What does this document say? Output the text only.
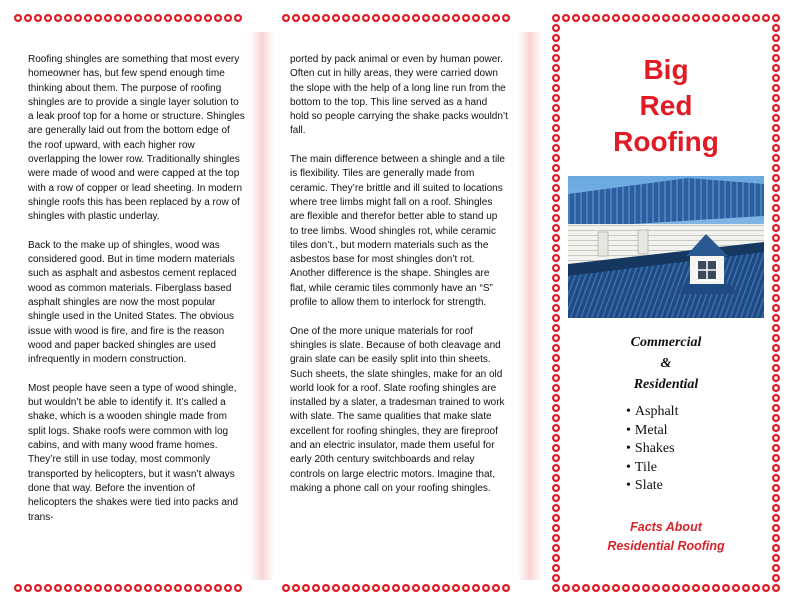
Roofing shingles are something that most every homeowner has, but few spend enough time thinking about them. The purpose of roofing shingles are to provide a single layer solution to a leak proof top for a home or structure. Shingles are generally laid out from the bottom edge of the roof upward, with each higher row overlapping the lower row. Traditionally shingles were made of wood and were capped at the top with a row of copper or lead sheeting. In modern shingle roofs this has been replaced by a row of shingles with plastic underlay.

Back to the make up of shingles, wood was considered good. But in time modern materials such as asphalt and asbestos cement replaced wood as common materials. Fiberglass based asphalt shingles are now the most popular shingle used in the United States. The obvious issue with wood is fire, and fire is the reason wood and paper backed shingles are used infrequently in modern construction.

Most people have seen a type of wood shingle, but wouldn’t be able to identify it. It’s called a shake, which is a wooden shingle made from split logs. Shake roofs were common with log cabins, and with many wood frame homes. They’re still in use today, most commonly transported by helicopters, but it wasn’t always done that way. Before the invention of helicopters the shakes were tied into packs and trans-

ported by pack animal or even by human power. Often cut in hilly areas, they were carried down the slope with the help of a long line run from the bottom to the top. This line served as a hand hold so people carrying the shake packs wouldn’t fall.

The main difference between a shingle and a tile is flexibility. Tiles are generally made from ceramic. They’re brittle and ill suited to locations where tree limbs might fall on a roof. Shingles are flexible and therefor better able to stand up to tree limbs. Wood shingles rot, while ceramic tiles don’t., but modern materials such as the asbestos base for most shingles don’t rot. Another difference is the shape. Shingles are flat, while ceramic tiles commonly have an “S” profile to allow them to interlock for strength.

One of the more unique materials for roof shingles is slate. Because of both cleavage and grain slate can be easily split into thin sheets. Such sheets, the slate shingles, make for an old world look for a roof. Slate roofing shingles are installed by a slater, a tradesman trained to work with slate. The same qualities that make slate excellent for roofing shingles, they are fireproof and an electric insulator, made them useful for early 20th century switchboards and relay controls on large electric motors. Imagine that, making a phone call on your roofing shingles.

Big
Red
Roofing
Commercial
&
Residential
• Asphalt
• Metal
• Shakes
• Tile
• Slate
Facts About
Residential Roofing
